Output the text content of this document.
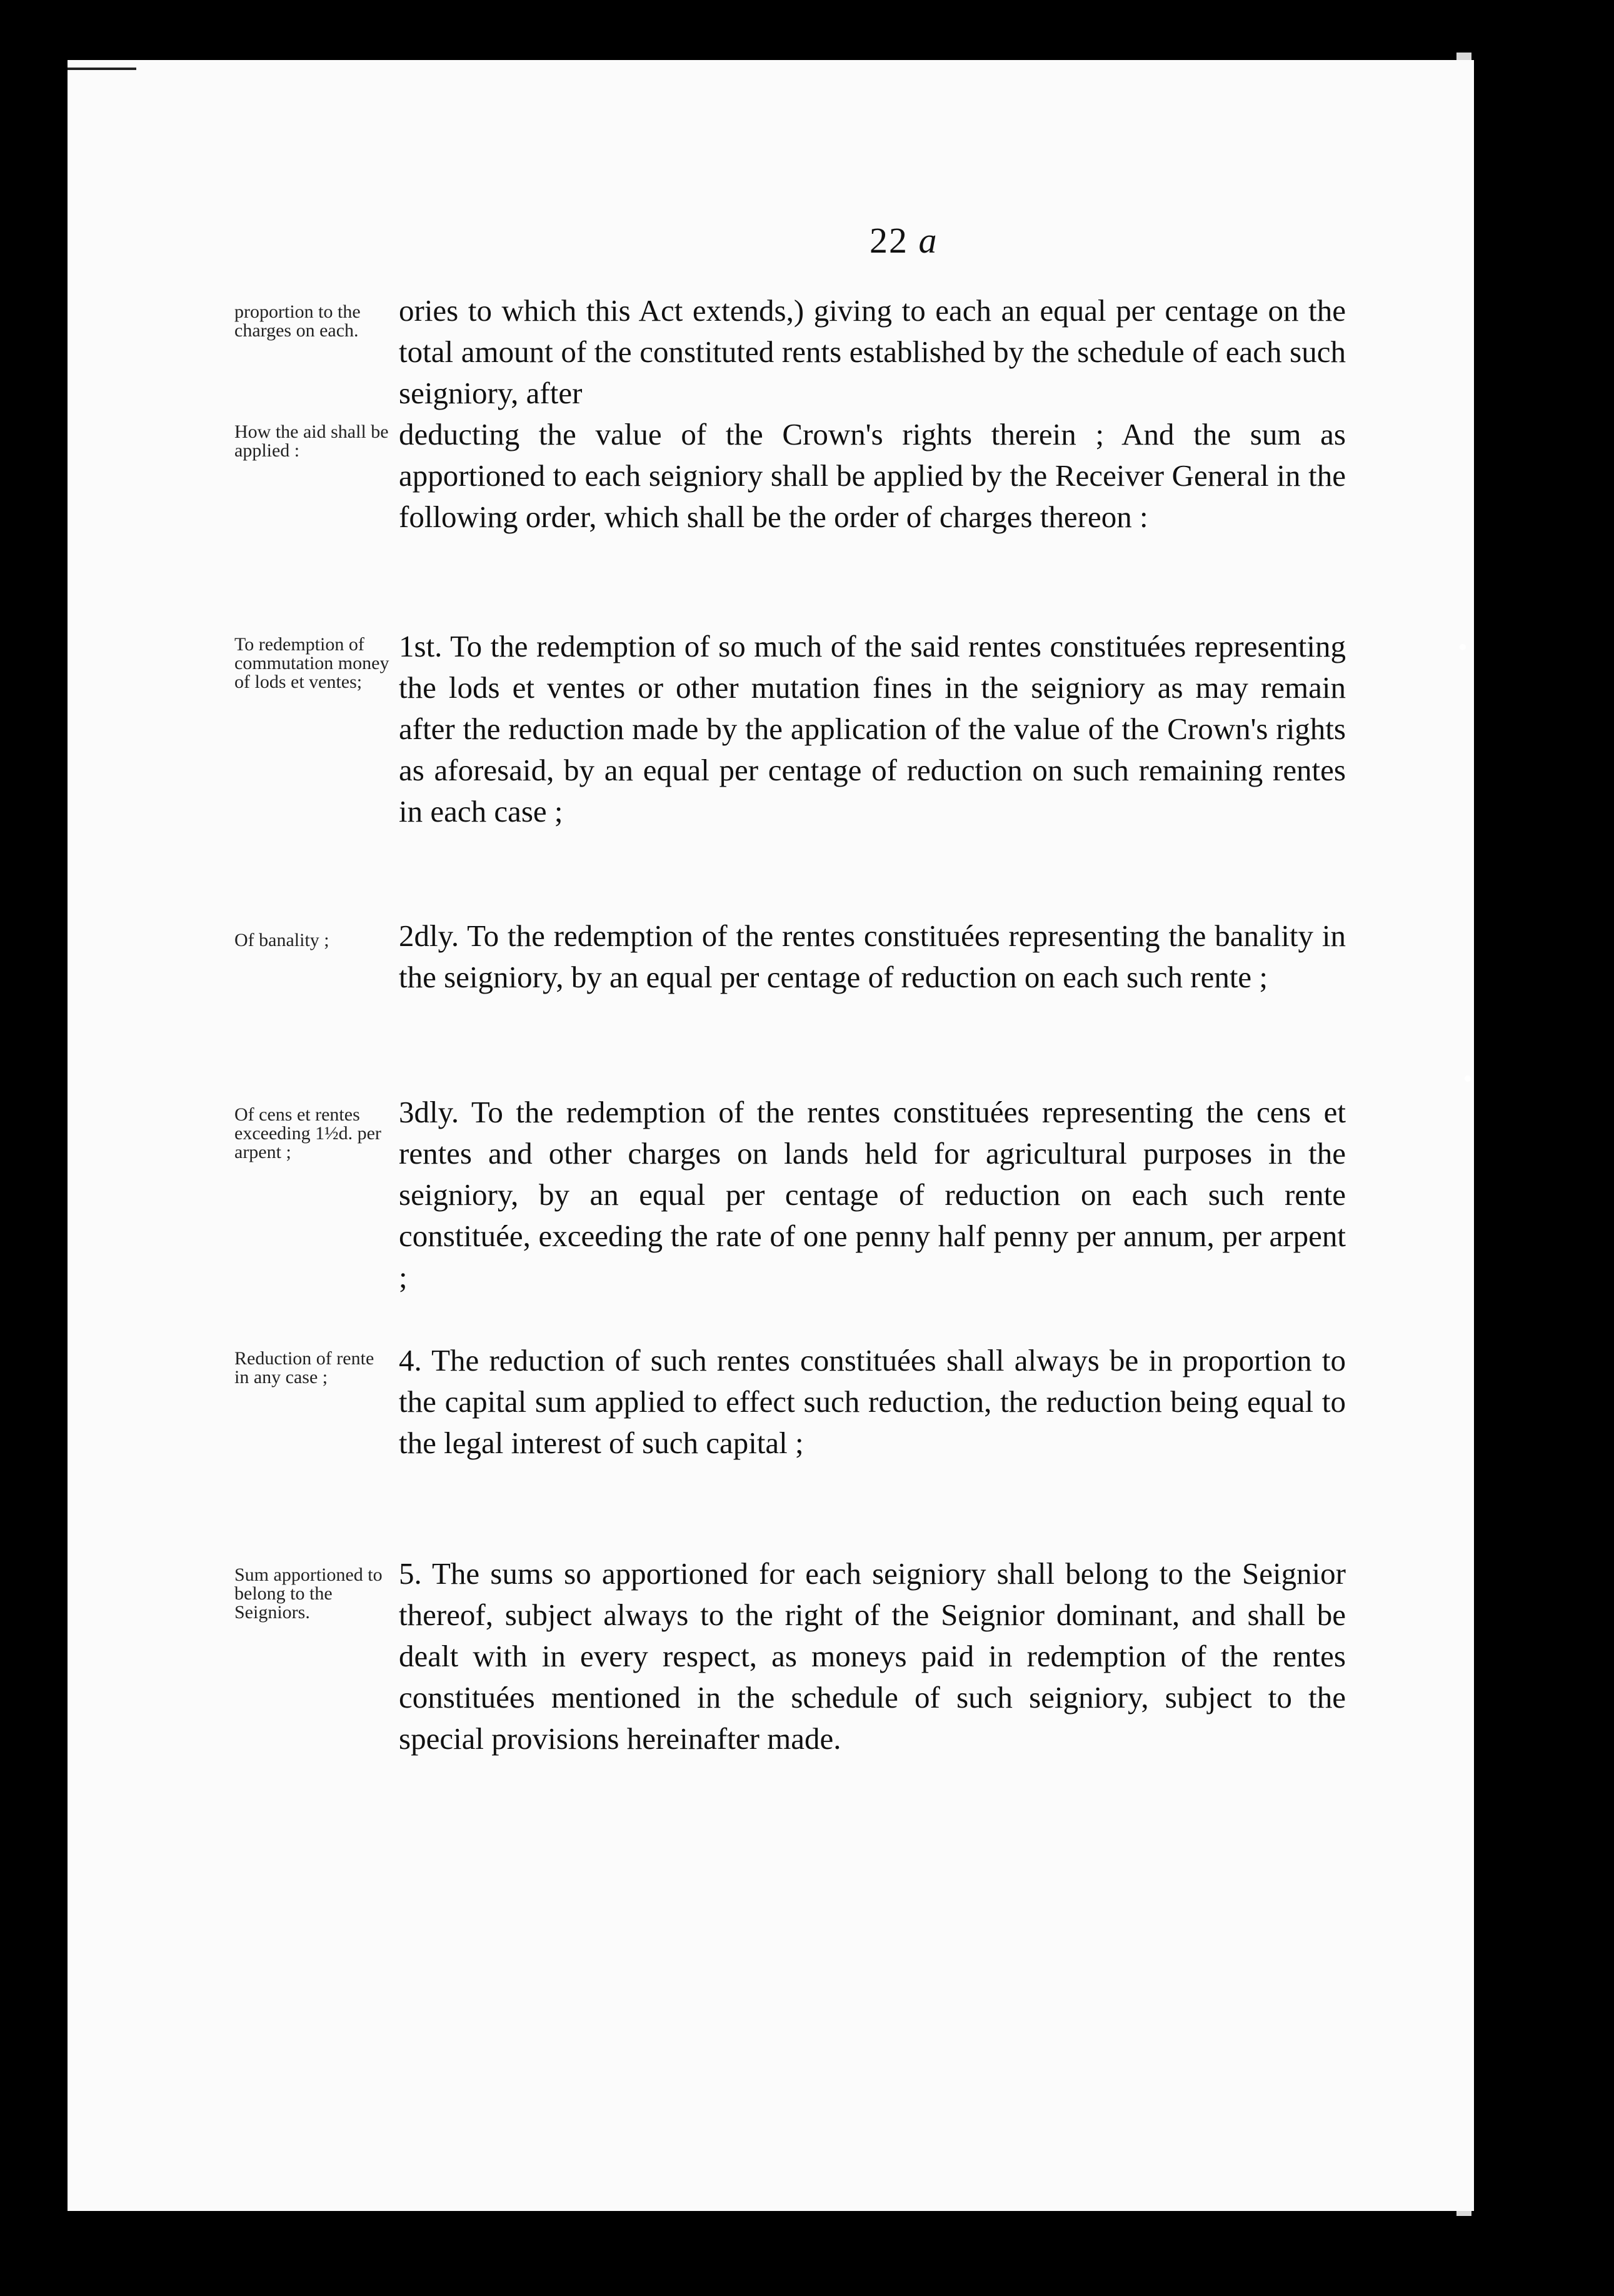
22 a
proportion to the charges on each.
ories to which this Act extends,) giving to each an equal per centage on the total amount of the constituted rents established by the schedule of each such seigniory, after
How the aid shall be applied :	deducting the value of the Crown's rights therein ; And the sum as apportioned to each seigniory shall be applied by the Receiver General in the following order, which shall be the order of charges thereon :
To redemption of commutation money of lods et ventes;
1st. To the redemption of so much of the said rentes constituées representing the lods et ventes or other mutation fines in the seigniory as may remain after the reduction made by the application of the value of the Crown's rights as aforesaid, by an equal per centage of reduction on such remaining rentes in each case ;
Of banality ;	2dly. To the redemption of the rentes constituées representing the banality in the seigniory, by an equal per centage of reduction on each such rente ;
Of cens et rentes exceeding 1½d. per arpent ;
3dly. To the redemption of the rentes constituées representing the cens et rentes and other charges on lands held for agricultural purposes in the seigniory, by an equal per centage of reduction on each such rente constituée, exceeding the rate of one penny half penny per annum, per arpent ;
Reduction of rente in any case ;	4. The reduction of such rentes constituées shall always be in proportion to the capital sum applied to effect such reduction, the reduction being equal to the legal interest of such capital ;
Sum apportioned to belong to the Seigniors.
5. The sums so apportioned for each seigniory shall belong to the Seignior thereof, subject always to the right of the Seignior dominant, and shall be dealt with in every respect, as moneys paid in redemption of the rentes constituées mentioned in the schedule of such seigniory, subject to the special provisions hereinafter made.
